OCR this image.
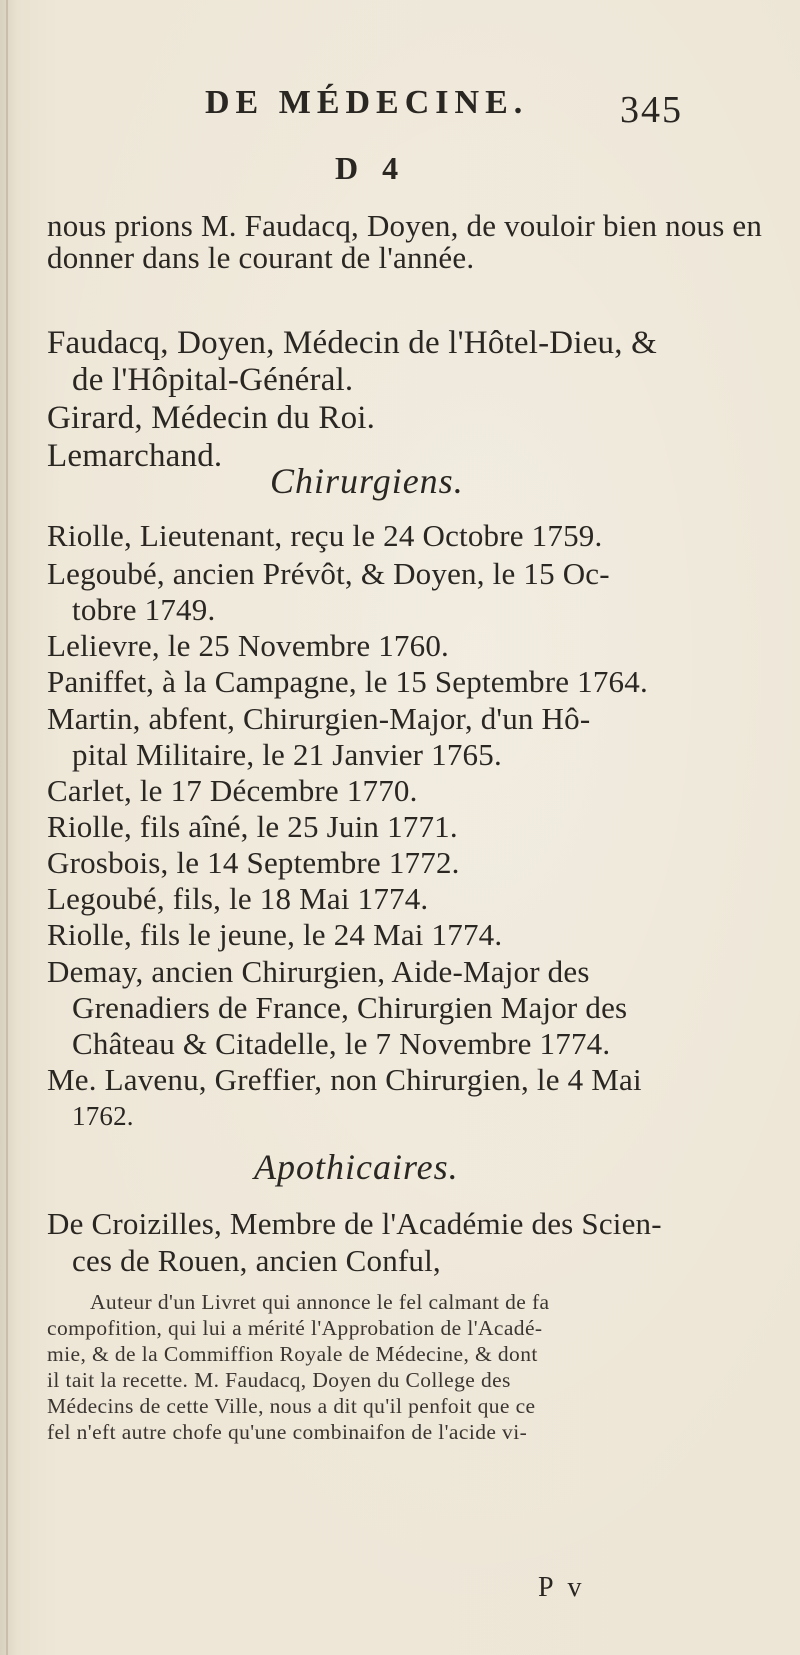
DE MÉDECINE. 345
D 4
nous prions M. Faudacq, Doyen, de vouloir bien nous en
donner dans le courant de l'année.
Faudacq, Doyen, Médecin de l'Hôtel-Dieu, &
de l'Hôpital-Général.
Girard, Médecin du Roi.
Lemarchand.
Chirurgiens.
Riolle, Lieutenant, reçu le 24 Octobre 1759.
Legoubé, ancien Prévôt, & Doyen, le 15 Oc-
tobre 1749.
Lelievre, le 25 Novembre 1760.
Paniffet, à la Campagne, le 15 Septembre 1764.
Martin, abfent, Chirurgien-Major, d'un Hô-
pital Militaire, le 21 Janvier 1765.
Carlet, le 17 Décembre 1770.
Riolle, fils aîné, le 25 Juin 1771.
Grosbois, le 14 Septembre 1772.
Legoubé, fils, le 18 Mai 1774.
Riolle, fils le jeune, le 24 Mai 1774.
Demay, ancien Chirurgien, Aide-Major des
Grenadiers de France, Chirurgien Major des
Château & Citadelle, le 7 Novembre 1774.
Me. Lavenu, Greffier, non Chirurgien, le 4 Mai
1762.
Apothicaires.
De Croizilles, Membre de l'Académie des Scien-
ces de Rouen, ancien Conful,
Auteur d'un Livret qui annonce le fel calmant de fa
compofition, qui lui a mérité l'Approbation de l'Acadé-
mie, & de la Commiffion Royale de Médecine, & dont
il tait la recette. M. Faudacq, Doyen du College des
Médecins de cette Ville, nous a dit qu'il penfoit que ce
fel n'eft autre chofe qu'une combinaifon de l'acide vi-
P v
